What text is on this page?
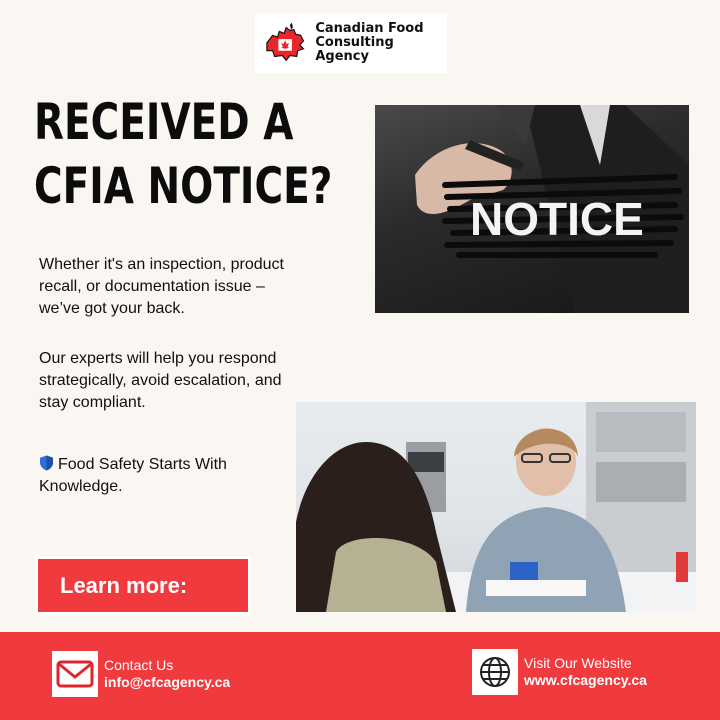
Canadian Food
Consulting Agency
RECEIVED A
CFIA NOTICE?

Whether it's an inspection, product recall, or documentation issue – we’ve got your back.

Our experts will help you respond strategically, avoid escalation, and stay compliant.

Food Safety Starts With Knowledge.

Learn more:
NOTICE
Contact Us
info@cfcagency.ca
Visit Our Website
www.cfcagency.ca
